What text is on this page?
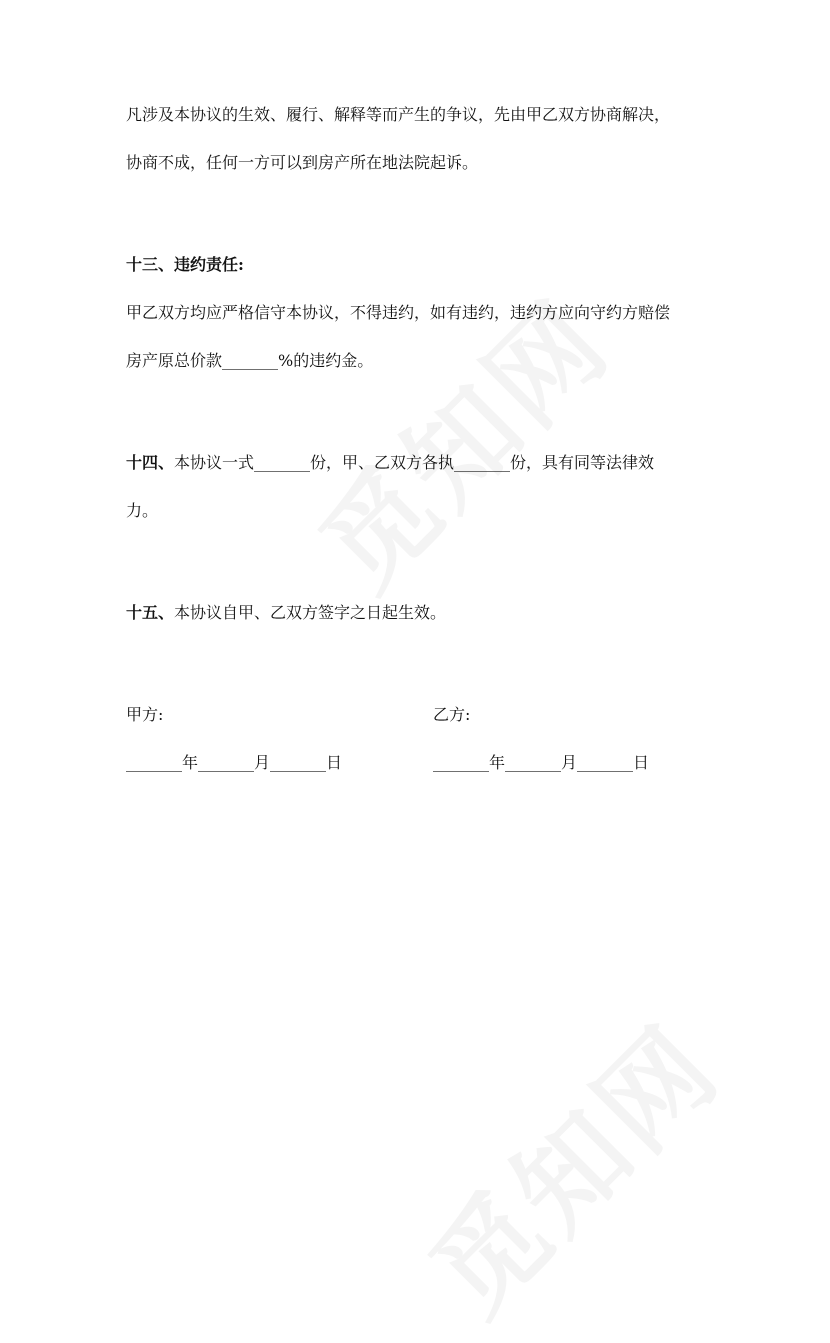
凡涉及本协议的生效、履行、解释等而产生的争议，先由甲乙双方协商解决，
协商不成，任何一方可以到房产所在地法院起诉。
十三、违约责任:
甲乙双方均应严格信守本协议，不得违约，如有违约，违约方应向守约方赔偿
房产原总价款_______%的违约金。
十四、本协议一式_______份，甲、乙双方各执_______份，具有同等法律效
力。
十五、本协议自甲、乙双方签字之日起生效。
甲方:
_______年_______月_______日
乙方:
_______年_______月_______日
